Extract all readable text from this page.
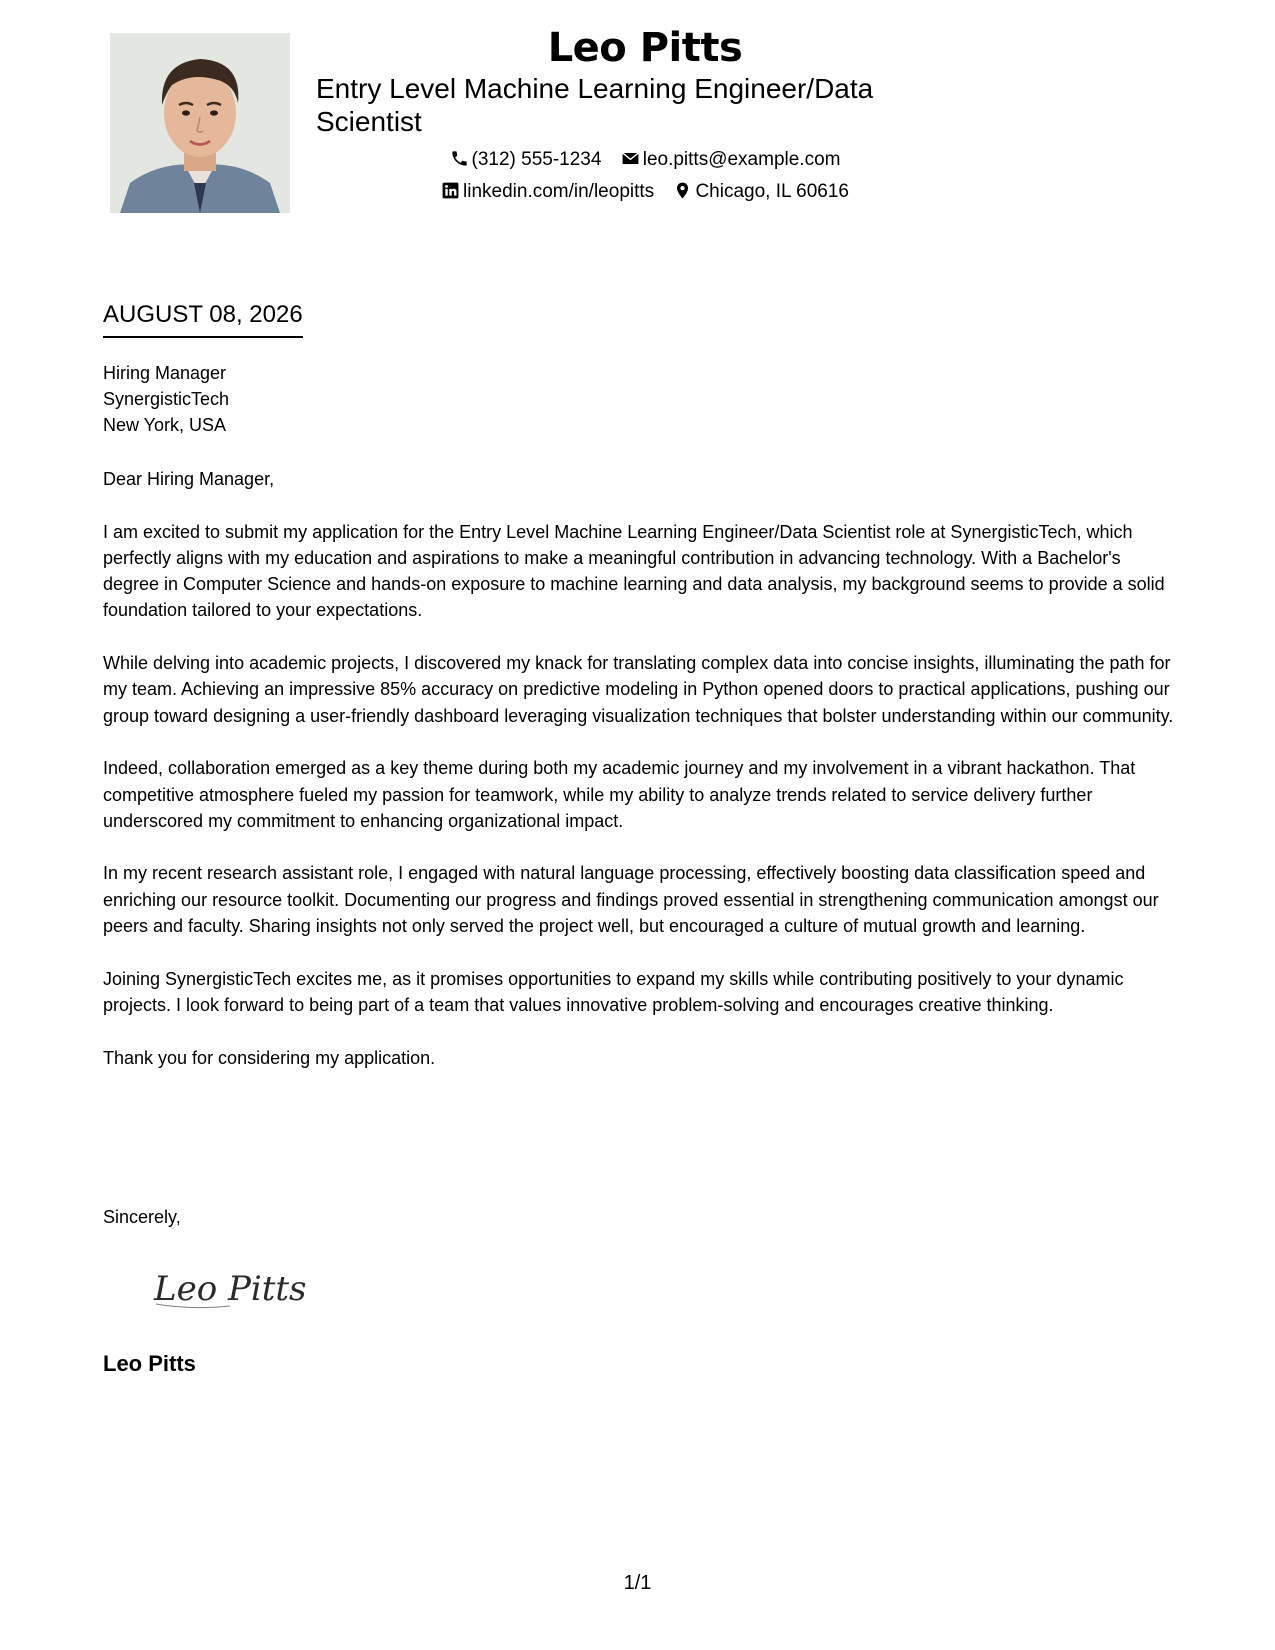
Leo Pitts
Entry Level Machine Learning Engineer/Data Scientist
(312) 555-1234 leo.pitts@example.com
linkedin.com/in/leopitts Chicago, IL 60616
AUGUST 08, 2026
Hiring Manager
SynergisticTech
New York, USA

Dear Hiring Manager,

I am excited to submit my application for the Entry Level Machine Learning Engineer/Data Scientist role at SynergisticTech, which perfectly aligns with my education and aspirations to make a meaningful contribution in advancing technology. With a Bachelor's degree in Computer Science and hands-on exposure to machine learning and data analysis, my background seems to provide a solid foundation tailored to your expectations.

While delving into academic projects, I discovered my knack for translating complex data into concise insights, illuminating the path for my team. Achieving an impressive 85% accuracy on predictive modeling in Python opened doors to practical applications, pushing our group toward designing a user-friendly dashboard leveraging visualization techniques that bolster understanding within our community.

Indeed, collaboration emerged as a key theme during both my academic journey and my involvement in a vibrant hackathon. That competitive atmosphere fueled my passion for teamwork, while my ability to analyze trends related to service delivery further underscored my commitment to enhancing organizational impact.

In my recent research assistant role, I engaged with natural language processing, effectively boosting data classification speed and enriching our resource toolkit. Documenting our progress and findings proved essential in strengthening communication amongst our peers and faculty. Sharing insights not only served the project well, but encouraged a culture of mutual growth and learning.

Joining SynergisticTech excites me, as it promises opportunities to expand my skills while contributing positively to your dynamic projects. I look forward to being part of a team that values innovative problem-solving and encourages creative thinking.

Thank you for considering my application.

Sincerely,
Leo Pitts
Leo Pitts
1/1
